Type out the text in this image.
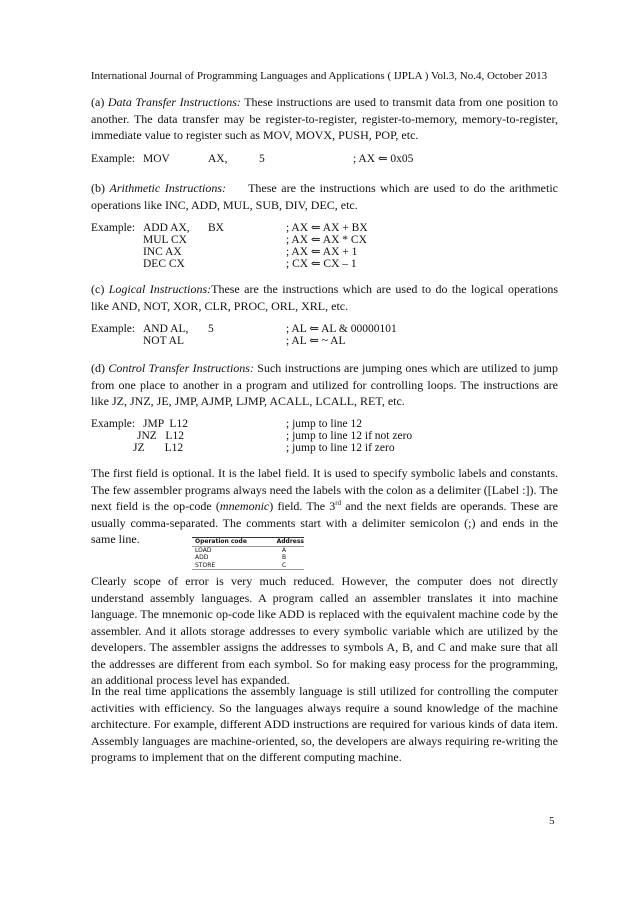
International Journal of Programming Languages and Applications ( IJPLA ) Vol.3, No.4, October 2013
(a) Data Transfer Instructions: These instructions are used to transmit data from one position to another. The data transfer may be register-to-register, register-to-memory, memory-to-register, immediate value to register such as MOV, MOVX, PUSH, POP, etc.
Example: MOV	AX,	5	; AX ⇐ 0x05
(b) Arithmetic Instructions: These are the instructions which are used to do the arithmetic operations like INC, ADD, MUL, SUB, DIV, DEC, etc.
Example: ADD AX, BX	; AX ⇐ AX + BX
MUL CX	; AX ⇐ AX * CX
INC AX	; AX ⇐ AX + 1
DEC CX	; CX ⇐ CX – 1
(c) Logical Instructions:These are the instructions which are used to do the logical operations like AND, NOT, XOR, CLR, PROC, ORL, XRL, etc.
Example: AND AL, 5	; AL ⇐ AL & 00000101
NOT AL	; AL ⇐ ~ AL
(d) Control Transfer Instructions: Such instructions are jumping ones which are utilized to jump from one place to another in a program and utilized for controlling loops. The instructions are like JZ, JNZ, JE, JMP, AJMP, LJMP, ACALL, LCALL, RET, etc.
Example: JMP  L12	; jump to line 12
JNZ   L12	; jump to line 12 if not zero
JZ       L12	; jump to line 12 if zero
The first field is optional. It is the label field. It is used to specify symbolic labels and constants. The few assembler programs always need the labels with the colon as a delimiter ([Label :]). The next field is the op-code (mnemonic) field. The 3rd and the next fields are operands. These are usually comma-separated. The comments start with a delimiter semicolon (;) and ends in the same line.	Operation code	Address
LOAD	A
ADD	B
STORE	C
Clearly scope of error is very much reduced. However, the computer does not directly understand assembly languages. A program called an assembler translates it into machine language. The mnemonic op-code like ADD is replaced with the equivalent machine code by the assembler. And it allots storage addresses to every symbolic variable which are utilized by the developers. The assembler assigns the addresses to symbols A, B, and C and make sure that all the addresses are different from each symbol. So for making easy process for the programming, an additional process level has expanded.
In the real time applications the assembly language is still utilized for controlling the computer activities with efficiency. So the languages always require a sound knowledge of the machine architecture. For example, different ADD instructions are required for various kinds of data item. Assembly languages are machine-oriented, so, the developers are always requiring re-writing the programs to implement that on the different computing machine.
5
